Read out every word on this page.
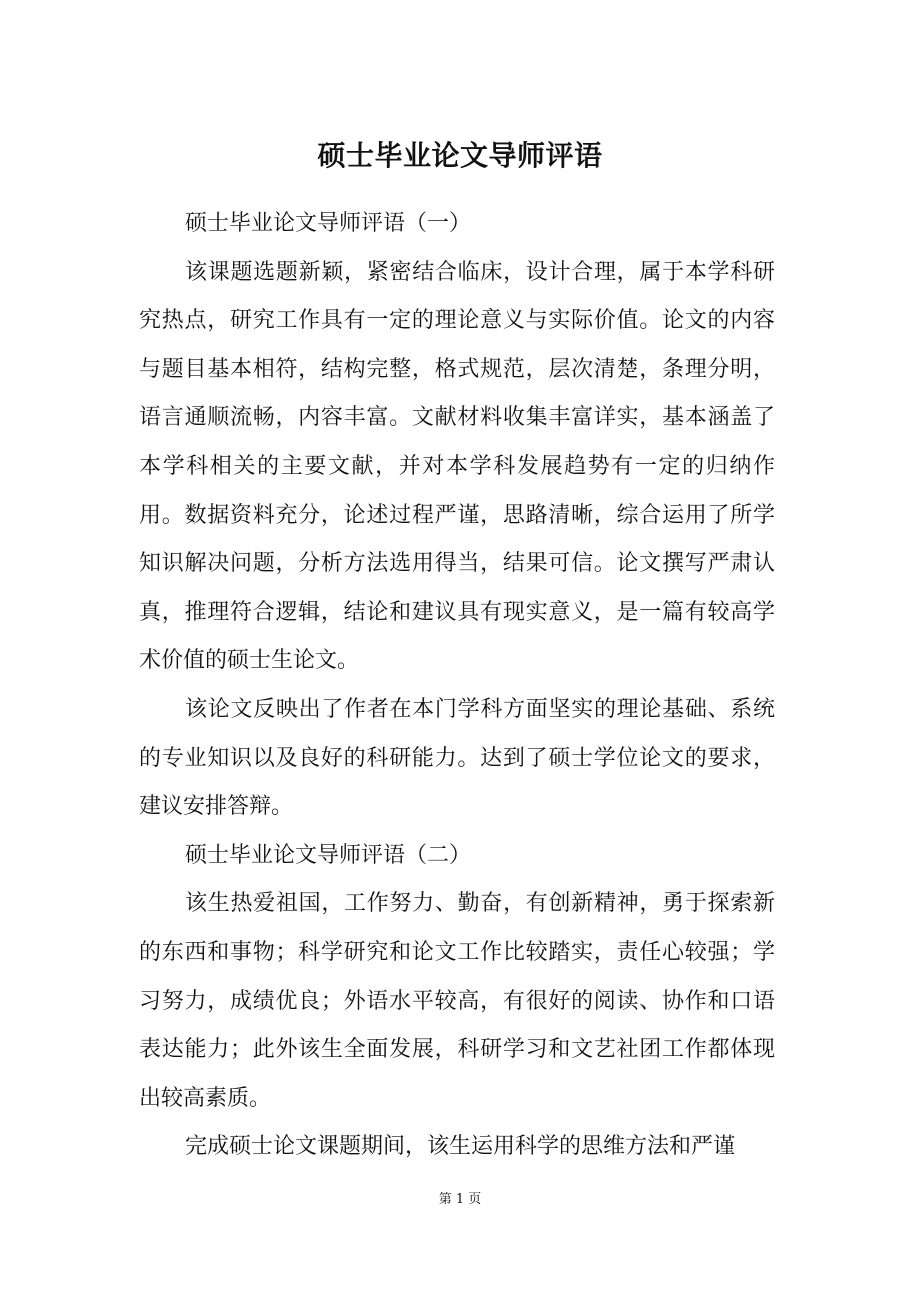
硕士毕业论文导师评语

硕士毕业论文导师评语（一）

该课题选题新颖，紧密结合临床，设计合理，属于本学科研究热点，研究工作具有一定的理论意义与实际价值。论文的内容与题目基本相符，结构完整，格式规范，层次清楚，条理分明，语言通顺流畅，内容丰富。文献材料收集丰富详实，基本涵盖了本学科相关的主要文献，并对本学科发展趋势有一定的归纳作用。数据资料充分，论述过程严谨，思路清晰，综合运用了所学知识解决问题，分析方法选用得当，结果可信。论文撰写严肃认真，推理符合逻辑，结论和建议具有现实意义，是一篇有较高学术价值的硕士生论文。

该论文反映出了作者在本门学科方面坚实的理论基础、系统的专业知识以及良好的科研能力。达到了硕士学位论文的要求，建议安排答辩。

硕士毕业论文导师评语（二）

该生热爱祖国，工作努力、勤奋，有创新精神，勇于探索新的东西和事物；科学研究和论文工作比较踏实，责任心较强；学习努力，成绩优良；外语水平较高，有很好的阅读、协作和口语表达能力；此外该生全面发展，科研学习和文艺社团工作都体现出较高素质。

完成硕士论文课题期间，该生运用科学的思维方法和严谨

第 1 页
